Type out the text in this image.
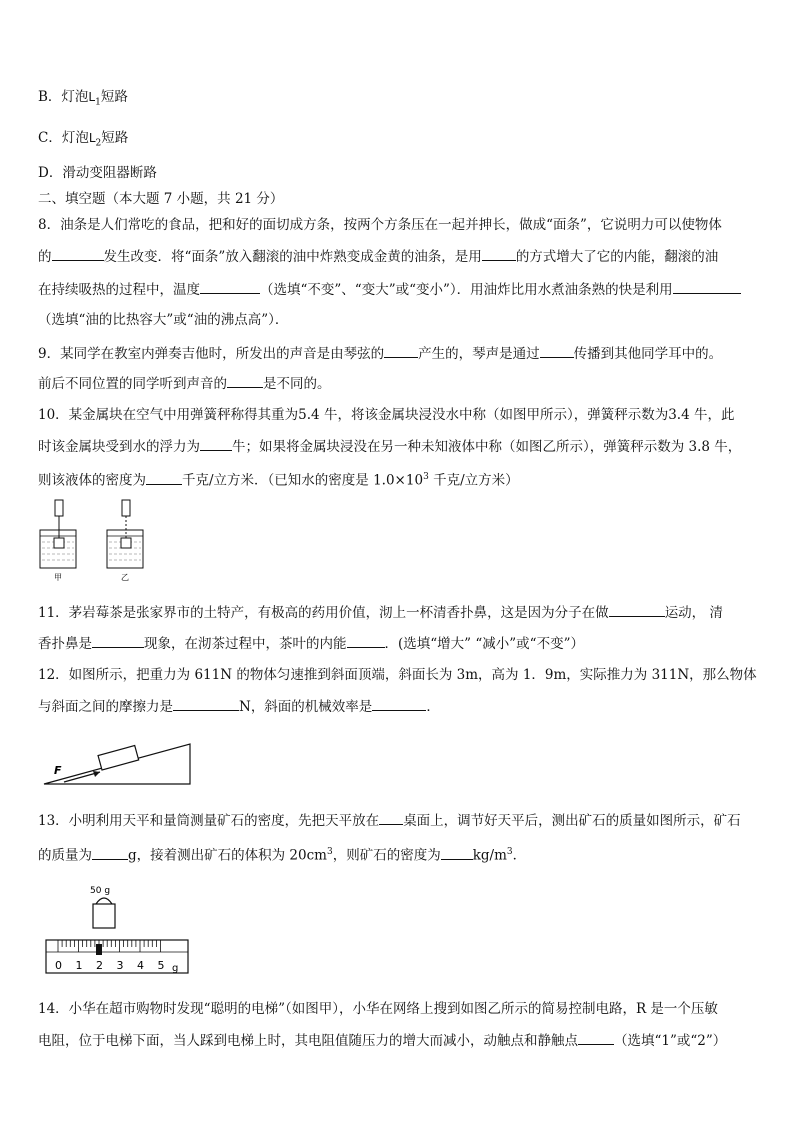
B．灯泡$L_1$短路
C．灯泡$L_2$短路
D．滑动变阻器断路
二、填空题（本大题 7 小题，共 21 分）
8．油条是人们常吃的食品，把和好的面切成方条，按两个方条压在一起并抻长，做成“面条”，它说明力可以使物体
的	发生改变．将“面条”放入翻滚的油中炸熟变成金黄的油条，是用	的方式增大了它的内能，翻滚的油
在持续吸热的过程中，温度	（选填“不变”、“变大”或“变小”）．用油炸比用水煮油条熟的快是利用
（选填“油的比热容大”或“油的沸点高”）．
9．某同学在教室内弹奏吉他时，所发出的声音是由琴弦的	产生的，琴声是通过	传播到其他同学耳中的。
前后不同位置的同学听到声音的	是不同的。
10．某金属块在空气中用弹簧秤称得其重为5.4 牛，将该金属块浸没水中称（如图甲所示），弹簧秤示数为3.4 牛，此
时该金属块受到水的浮力为 牛；如果将金属块浸没在另一种未知液体中称（如图乙所示），弹簧秤示数为 3.8 牛，
则该液体的密度为	千克/立方米．（已知水的密度是 $1.0\times 10^3$ 千克/立方米）
甲	乙
11．茅岩莓茶是张家界市的土特产，有极高的药用价值，沏上一杯清香扑鼻，这是因为分子在做	运动， 清
香扑鼻是	现象，在沏茶过程中，茶叶的内能	．(选填“增大” “减小”或“不变”）
12．如图所示，把重力为 611N 的物体匀速推到斜面顶端，斜面长为 3m，高为 1．9m，实际推力为 311N，那么物体
与斜面之间的摩擦力是	N，斜面的机械效率是	．
F
13．小明利用天平和量筒测量矿石的密度，先把天平放在 桌面上，调节好天平后，测出矿石的质量如图所示，矿石
的质量为	g，接着测出矿石的体积为 $20cm^3$，则矿石的密度为 $kg/m^3$．
50 g
0 1 2 3 4 5 g
14．小华在超市购物时发现“聪明的电梯”（如图甲），小华在网络上搜到如图乙所示的简易控制电路，R 是一个压敏
电阻，位于电梯下面，当人踩到电梯上时，其电阻值随压力的增大而减小，动触点和静触点	（选填“1”或“2”）
